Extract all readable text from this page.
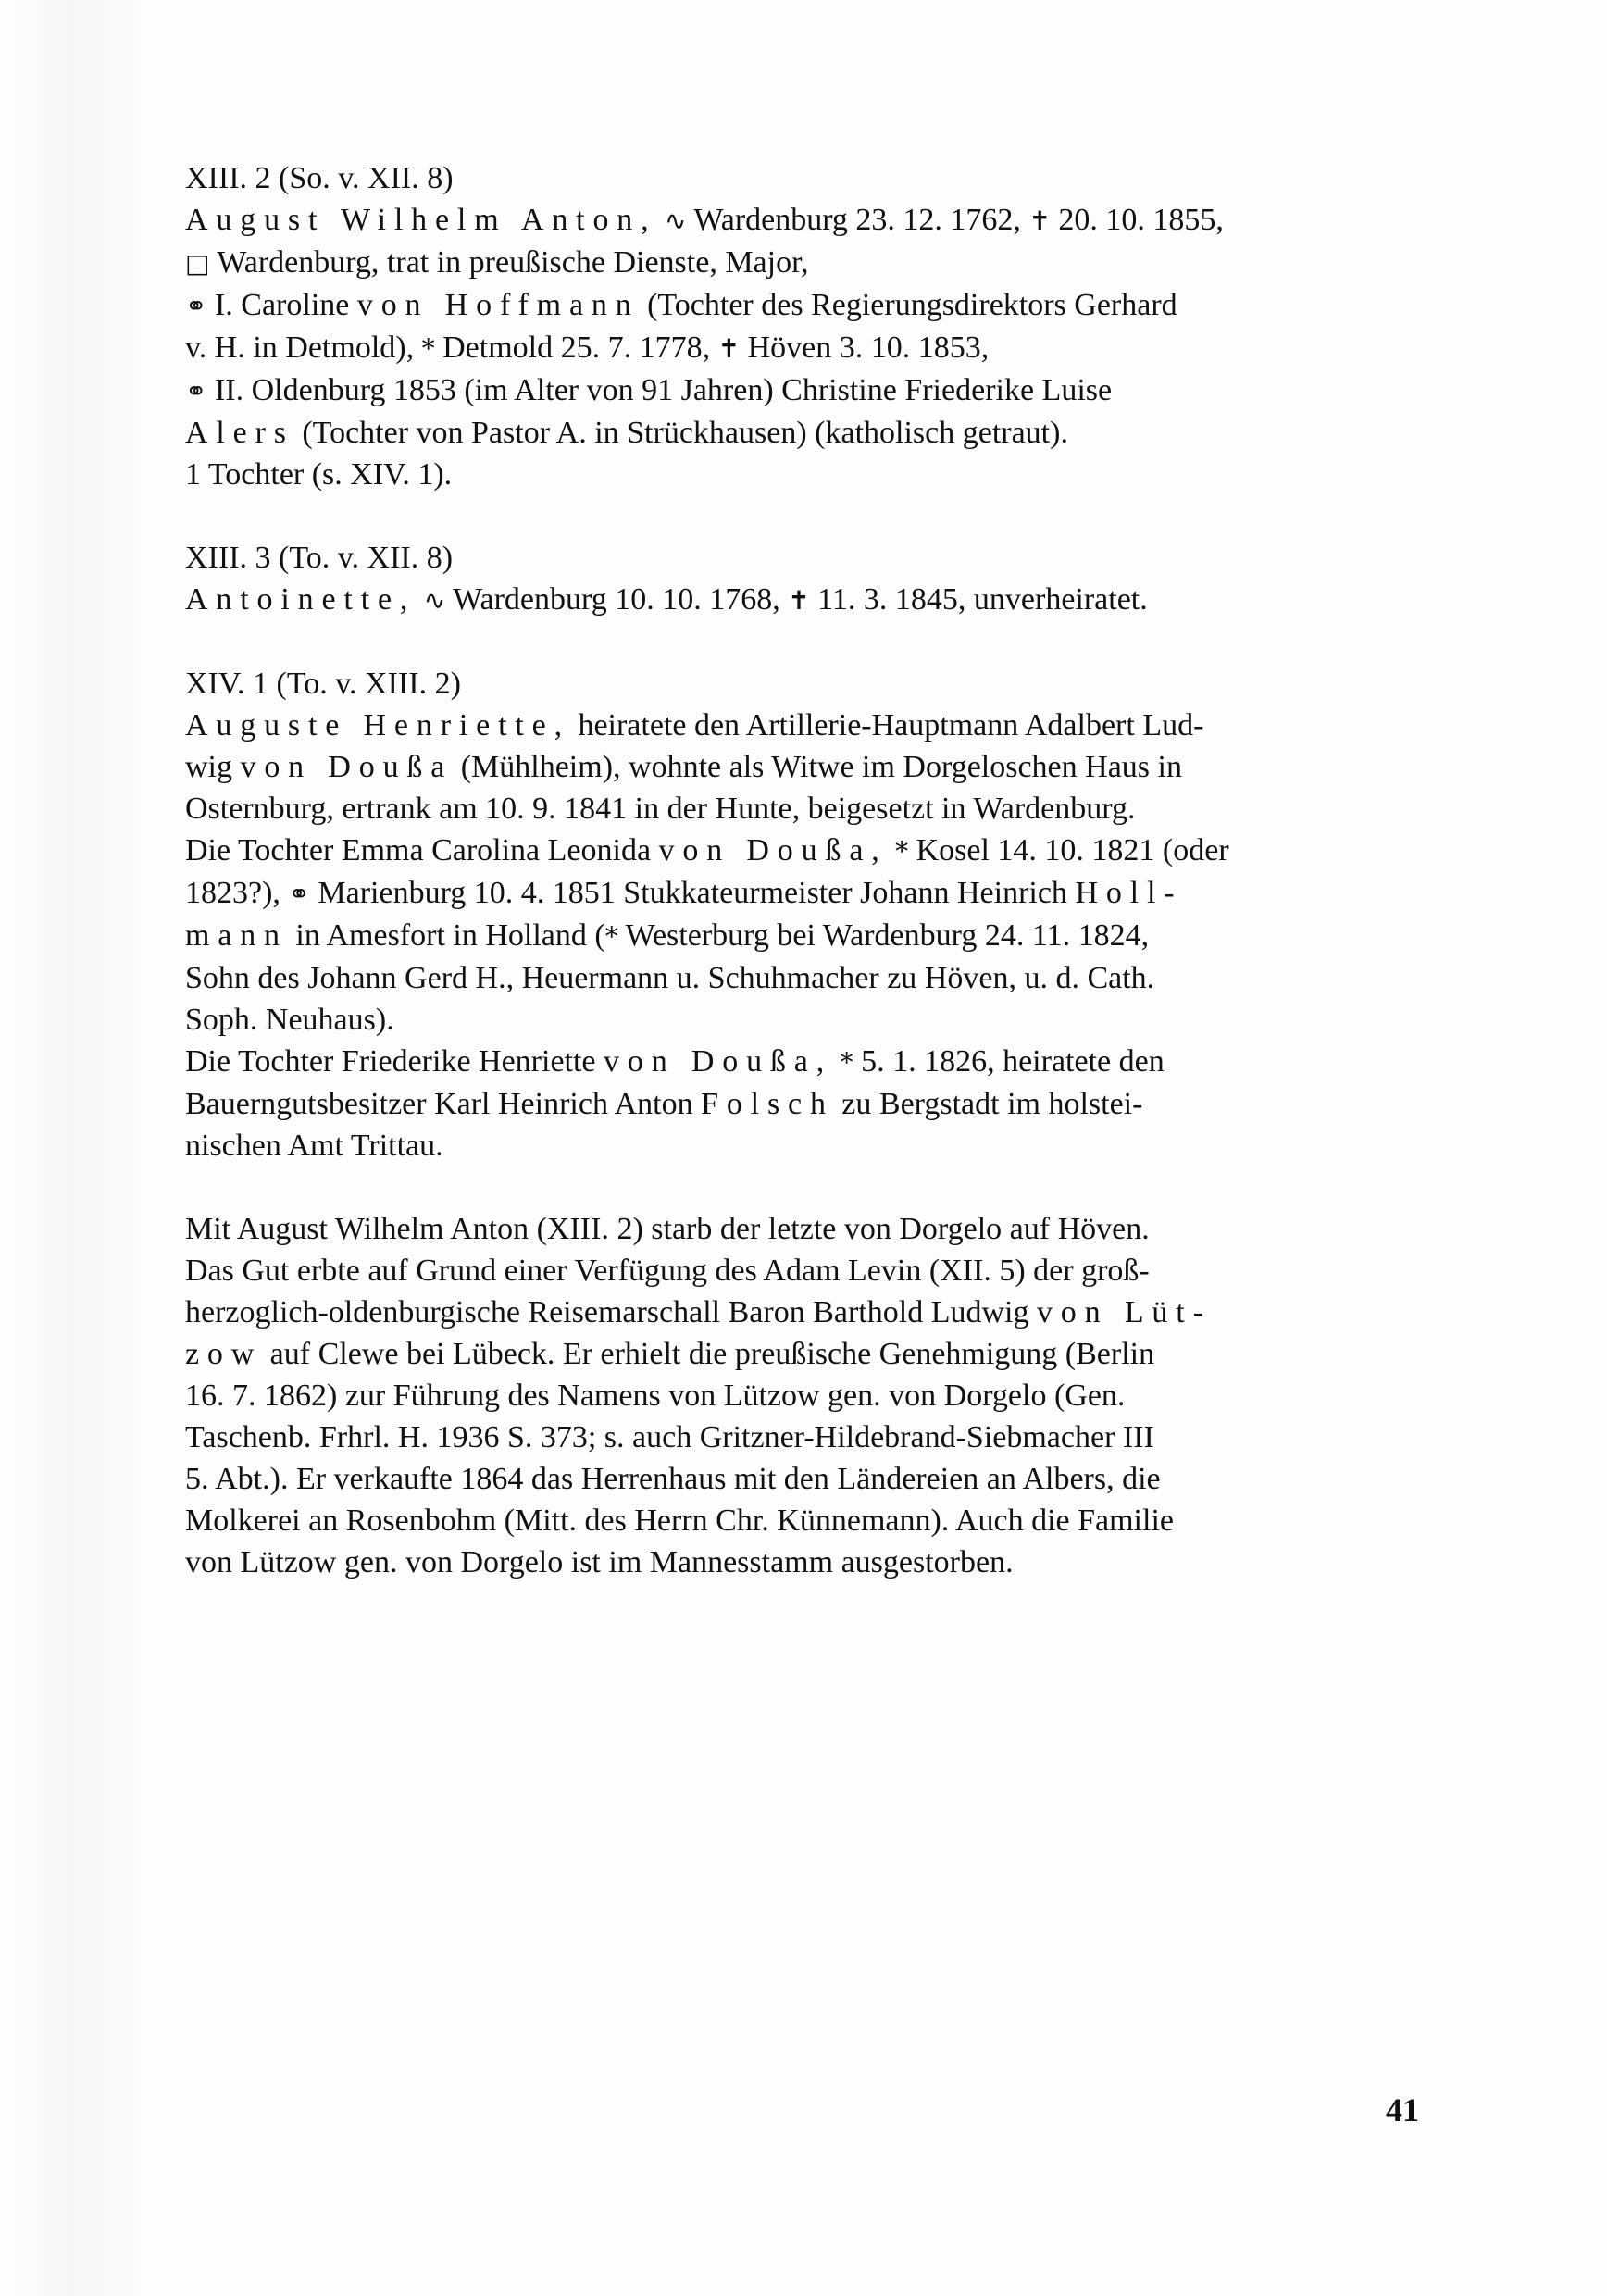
XIII. 2 (So. v. XII. 8)
August Wilhelm Anton, ∿ Wardenburg 23. 12. 1762, ✝ 20. 10. 1855,
□ Wardenburg, trat in preußische Dienste, Major,
⚭ I. Caroline von Hoffmann (Tochter des Regierungsdirektors Gerhard
v. H. in Detmold), * Detmold 25. 7. 1778, ✝ Höven 3. 10. 1853,
⚭ II. Oldenburg 1853 (im Alter von 91 Jahren) Christine Friederike Luise
Alers (Tochter von Pastor A. in Strückhausen) (katholisch getraut).
1 Tochter (s. XIV. 1).
XIII. 3 (To. v. XII. 8)
Antoinette, ∿ Wardenburg 10. 10. 1768, ✝ 11. 3. 1845, unverheiratet.
XIV. 1 (To. v. XIII. 2)
Auguste Henriette, heiratete den Artillerie-Hauptmann Adalbert Lud-
wig von Doußa (Mühlheim), wohnte als Witwe im Dorgeloschen Haus in
Osternburg, ertrank am 10. 9. 1841 in der Hunte, beigesetzt in Wardenburg.
Die Tochter Emma Carolina Leonida von Doußa, * Kosel 14. 10. 1821 (oder
1823?), ⚭ Marienburg 10. 4. 1851 Stukkateurmeister Johann Heinrich Holl-
mann in Amesfort in Holland (* Westerburg bei Wardenburg 24. 11. 1824,
Sohn des Johann Gerd H., Heuermann u. Schuhmacher zu Höven, u. d. Cath.
Soph. Neuhaus).
Die Tochter Friederike Henriette von Doußa, * 5. 1. 1826, heiratete den
Bauerngutsbesitzer Karl Heinrich Anton Folsch zu Bergstadt im holstei-
nischen Amt Trittau.
Mit August Wilhelm Anton (XIII. 2) starb der letzte von Dorgelo auf Höven.
Das Gut erbte auf Grund einer Verfügung des Adam Levin (XII. 5) der groß-
herzoglich-oldenburgische Reisemarschall Baron Barthold Ludwig von Lüt-
zow auf Clewe bei Lübeck. Er erhielt die preußische Genehmigung (Berlin
16. 7. 1862) zur Führung des Namens von Lützow gen. von Dorgelo (Gen.
Taschenb. Frhrl. H. 1936 S. 373; s. auch Gritzner-Hildebrand-Siebmacher III
5. Abt.). Er verkaufte 1864 das Herrenhaus mit den Ländereien an Albers, die
Molkerei an Rosenbohm (Mitt. des Herrn Chr. Künnemann). Auch die Familie
von Lützow gen. von Dorgelo ist im Mannesstamm ausgestorben.
41
